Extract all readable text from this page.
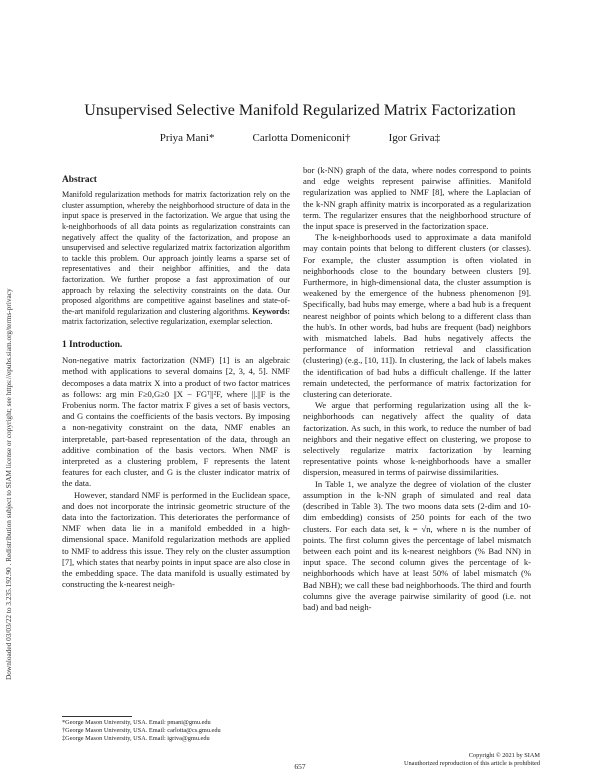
Downloaded 03/03/22 to 3.235.192.90 . Redistribution subject to SIAM license or copyright; see https://epubs.siam.org/terms-privacy
Unsupervised Selective Manifold Regularized Matrix Factorization
Priya Mani*	Carlotta Domeniconi†	Igor Griva‡
Abstract
Manifold regularization methods for matrix factorization rely on the cluster assumption, whereby the neighborhood structure of data in the input space is preserved in the factorization. We argue that using the k-neighborhoods of all data points as regularization constraints can negatively affect the quality of the factorization, and propose an unsupervised and selective regularized matrix factorization algorithm to tackle this problem. Our approach jointly learns a sparse set of representatives and their neighbor affinities, and the data factorization. We further propose a fast approximation of our approach by relaxing the selectivity constraints on the data. Our proposed algorithms are competitive against baselines and state-of-the-art manifold regularization and clustering algorithms. Keywords: matrix factorization, selective regularization, exemplar selection.
1 Introduction.

Non-negative matrix factorization (NMF) [1] is an algebraic method with applications to several domains [2, 3, 4, 5]. NMF decomposes a data matrix X into a product of two factor matrices as follows: arg min F≥0,G≥0 ||X − FGᵀ||²F, where ||.||F is the Frobenius norm. The factor matrix F gives a set of basis vectors, and G contains the coefficients of the basis vectors. By imposing a non-negativity constraint on the data, NMF enables an interpretable, part-based representation of the data, through an additive combination of the basis vectors. When NMF is interpreted as a clustering problem, F represents the latent features for each cluster, and G is the cluster indicator matrix of the data.

However, standard NMF is performed in the Euclidean space, and does not incorporate the intrinsic geometric structure of the data into the factorization. This deteriorates the performance of NMF when data lie in a manifold embedded in a high-dimensional space. Manifold regularization methods are applied to NMF to address this issue. They rely on the cluster assumption [7], which states that nearby points in input space are also close in the embedding space. The data manifold is usually estimated by constructing the k-nearest neigh-

bor (k-NN) graph of the data, where nodes correspond to points and edge weights represent pairwise affinities. Manifold regularization was applied to NMF [8], where the Laplacian of the k-NN graph affinity matrix is incorporated as a regularization term. The regularizer ensures that the neighborhood structure of the input space is preserved in the factorization space.

The k-neighborhoods used to approximate a data manifold may contain points that belong to different clusters (or classes). For example, the cluster assumption is often violated in neighborhoods close to the boundary between clusters [9]. Furthermore, in high-dimensional data, the cluster assumption is weakened by the emergence of the hubness phenomenon [9]. Specifically, bad hubs may emerge, where a bad hub is a frequent nearest neighbor of points which belong to a different class than the hub's. In other words, bad hubs are frequent (bad) neighbors with mismatched labels. Bad hubs negatively affects the performance of information retrieval and classification (clustering) (e.g., [10, 11]). In clustering, the lack of labels makes the identification of bad hubs a difficult challenge. If the latter remain undetected, the performance of matrix factorization for clustering can deteriorate.

We argue that performing regularization using all the k-neighborhoods can negatively affect the quality of data factorization. As such, in this work, to reduce the number of bad neighbors and their negative effect on clustering, we propose to selectively regularize matrix factorization by learning representative points whose k-neighborhoods have a smaller dispersion, measured in terms of pairwise dissimilarities.

In Table 1, we analyze the degree of violation of the cluster assumption in the k-NN graph of simulated and real data (described in Table 3). The two moons data sets (2-dim and 10-dim embedding) consists of 250 points for each of the two clusters. For each data set, k = √n, where n is the number of points. The first column gives the percentage of label mismatch between each point and its k-nearest neighbors (% Bad NN) in input space. The second column gives the percentage of k-neighborhoods which have at least 50% of label mismatch (% Bad NBH); we call these bad neighborhoods. The third and fourth columns give the average pairwise similarity of good (i.e. not bad) and bad neigh-

*George Mason University, USA. Email: pmani@gmu.edu
†George Mason University, USA. Email: carlotta@cs.gmu.edu
‡George Mason University, USA. Email: igriva@gmu.edu
Copyright © 2021 by SIAM
Unauthorized reproduction of this article is prohibited
657
